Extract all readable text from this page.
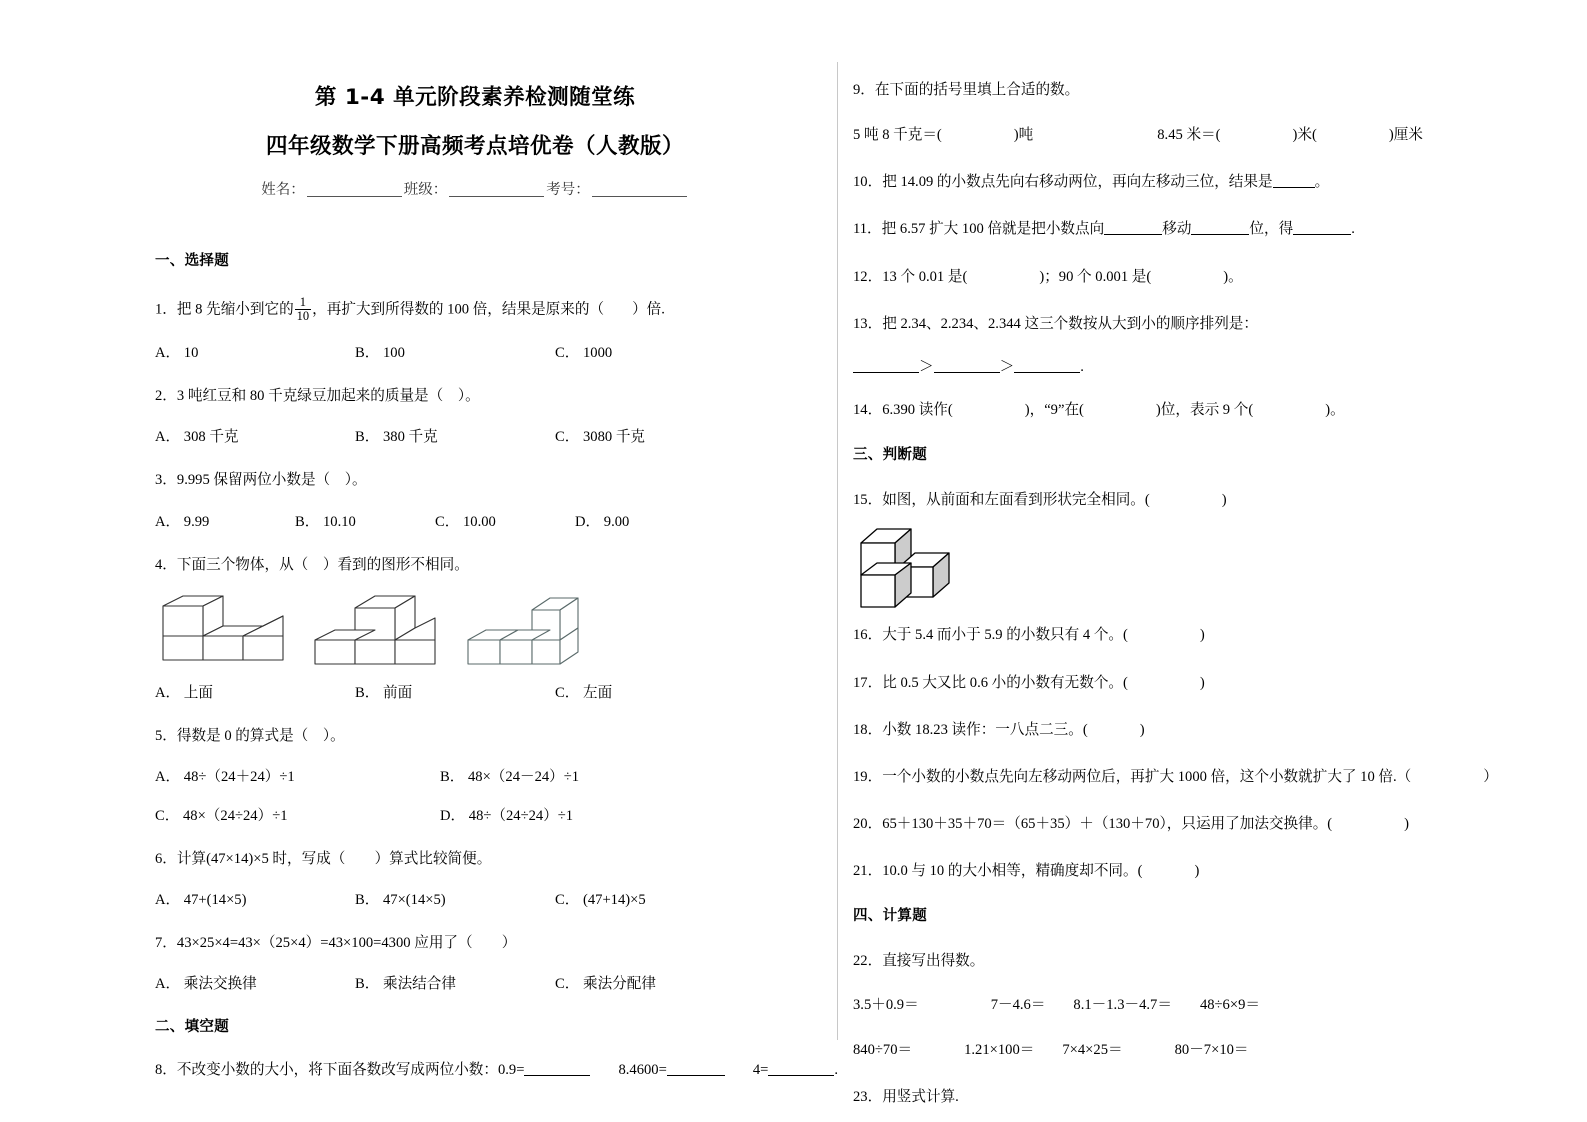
第 1-4 单元阶段素养检测随堂练
四年级数学下册高频考点培优卷（人教版）
姓名：	班级：	考号：
一、选择题
1．把 8 先缩小到它的 $\frac{1}{10}$ ，再扩大到所得数的 100 倍，结果是原来的（ ）倍.
A． 10	B． 100	C． 1000
2．3 吨红豆和 80 千克绿豆加起来的质量是（　）。
A． 308 千克	B． 380 千克	C． 3080 千克
3．9.995 保留两位小数是（　）。
A． 9.99	B． 10.10	C． 10.00	D． 9.00
4．下面三个物体，从（　）看到的图形不相同。
A． 上面	B． 前面	C． 左面
5．得数是 0 的算式是（　）。
A． 48÷（24＋24）÷1	B． 48×（24－24）÷1
C． 48×（24÷24）÷1	D． 48÷（24÷24）÷1
6．计算(47×14)×5 时，写成（　　）算式比较简便。
A． 47+(14×5)	B． 47×(14×5)	C． (47+14)×5
7．43×25×4=43×（25×4）=43×100=4300 应用了（　　）
A． 乘法交换律	B． 乘法结合律	C． 乘法分配律
二、填空题
8．不改变小数的大小，将下面各数改写成两位小数：0.9=	8.4600=	4=	.
9．在下面的括号里填上合适的数。
5 吨 8 千克＝(	)吨	8.45 米＝(	)米(	)厘米
10．把 14.09 的小数点先向右移动两位，再向左移动三位，结果是	。
11．把 6.57 扩大 100 倍就是把小数点向	移动	位，得	.
12．13 个 0.01 是(	)；90 个 0.001 是(	)。
13．把 2.34、2.234、2.344 这三个数按从大到小的顺序排列是：
＞	＞	.
14．6.390 读作(	)，“9”在(	)位，表示 9 个(	)。
三、判断题
15．如图，从前面和左面看到形状完全相同。(	)
16．大于 5.4 而小于 5.9 的小数只有 4 个。(	)
17．比 0.5 大又比 0.6 小的小数有无数个。(	)
18．小数 18.23 读作：一八点二三。(	)
19．一个小数的小数点先向左移动两位后，再扩大 1000 倍，这个小数就扩大了 10 倍.（	）
20．65＋130＋35＋70＝（65＋35）＋（130＋70），只运用了加法交换律。(	)
21．10.0 与 10 的大小相等，精确度却不同。(	)
四、计算题
22．直接写出得数。
3.5＋0.9＝	7－4.6＝ 8.1－1.3－4.7＝ 48÷6×9＝
840÷70＝	1.21×100＝ 7×4×25＝	80－7×10＝
23．用竖式计算.
